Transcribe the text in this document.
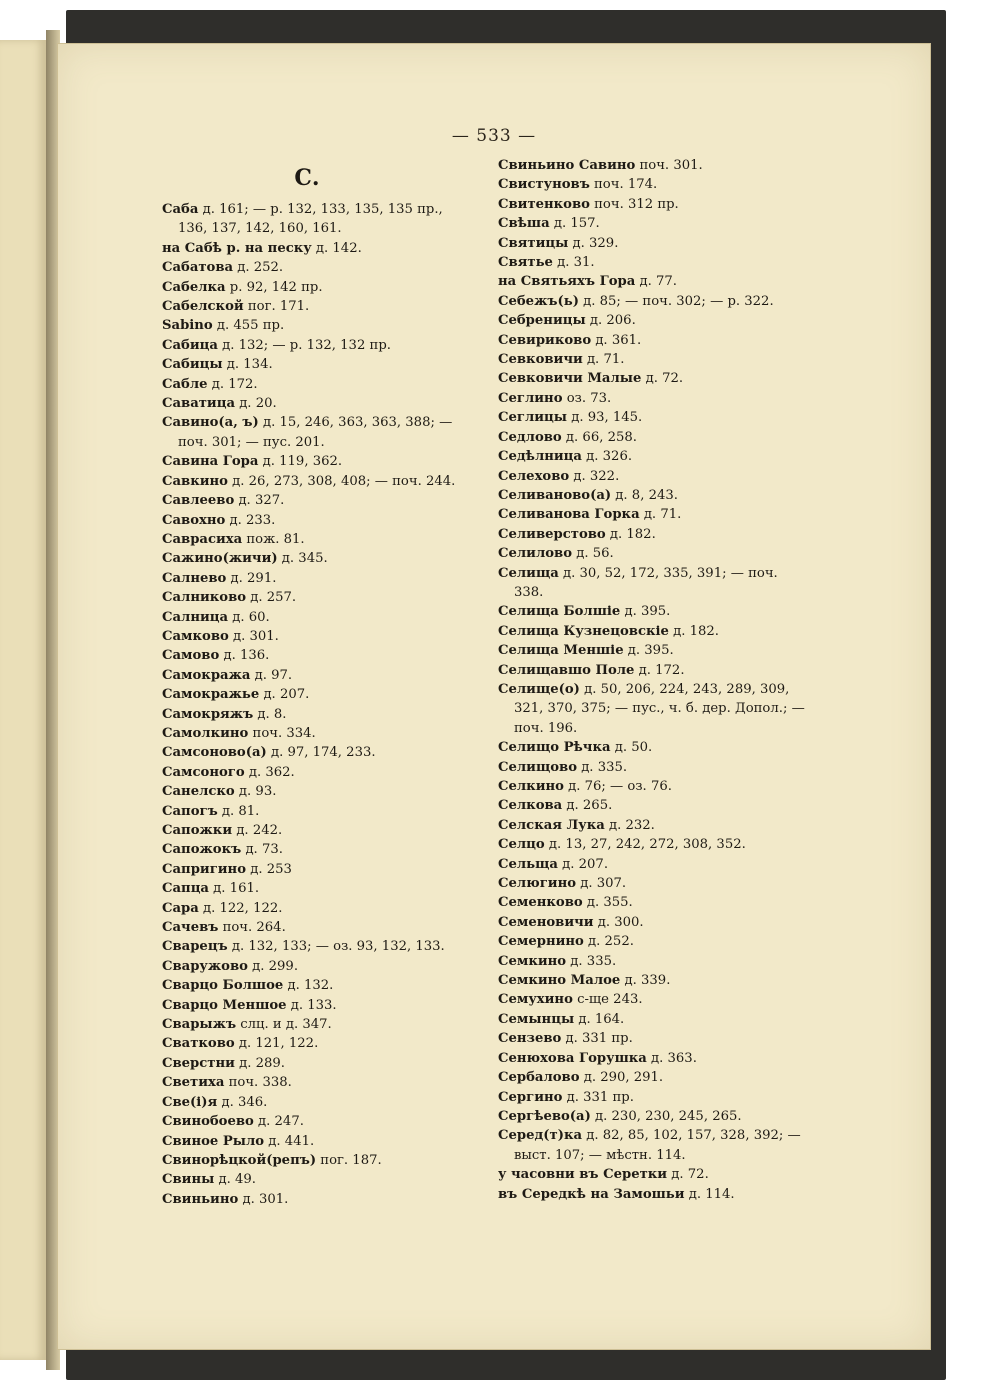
— 533 —
С.
Саба д. 161; — р. 132, 133, 135, 135 пр.,
136, 137, 142, 160, 161.
на Сабѣ р. на песку д. 142.
Сабатова д. 252.
Сабелка р. 92, 142 пр.
Сабелской пог. 171.
Sabino д. 455 пр.
Сабица д. 132; — р. 132, 132 пр.
Сабицы д. 134.
Сабле д. 172.
Саватица д. 20.
Савино(а, ъ) д. 15, 246, 363, 363, 388; —
поч. 301; — пус. 201.
Савина Гора д. 119, 362.
Савкино д. 26, 273, 308, 408; — поч. 244.
Савлеево д. 327.
Савохно д. 233.
Саврасиха пож. 81.
Сажино(жичи) д. 345.
Салнево д. 291.
Салниково д. 257.
Салница д. 60.
Самково д. 301.
Самово д. 136.
Самокража д. 97.
Самокражье д. 207.
Самокряжъ д. 8.
Самолкино поч. 334.
Самсоново(а) д. 97, 174, 233.
Самсоного д. 362.
Санелско д. 93.
Сапогъ д. 81.
Сапожки д. 242.
Сапожокъ д. 73.
Сапригино д. 253
Сапца д. 161.
Сара д. 122, 122.
Сачевъ поч. 264.
Сварецъ д. 132, 133; — оз. 93, 132, 133.
Сваружово д. 299.
Сварцо Болшое д. 132.
Сварцо Меншое д. 133.
Сварыжъ слц. и д. 347.
Сватково д. 121, 122.
Сверстни д. 289.
Светиха поч. 338.
Све(і)я д. 346.
Свинобоево д. 247.
Свиное Рыло д. 441.
Свинорѣцкой(репъ) пог. 187.
Свины д. 49.
Свиньино д. 301.
Свиньино Савино поч. 301.
Свистуновъ поч. 174.
Свитенково поч. 312 пр.
Свѣша д. 157.
Святицы д. 329.
Святье д. 31.
на Святьяхъ Гора д. 77.
Себежъ(ь) д. 85; — поч. 302; — р. 322.
Себреницы д. 206.
Севириково д. 361.
Севковичи д. 71.
Севковичи Малые д. 72.
Сеглино оз. 73.
Сеглицы д. 93, 145.
Седлово д. 66, 258.
Седѣлница д. 326.
Селехово д. 322.
Селиваново(а) д. 8, 243.
Селиванова Горка д. 71.
Селиверстово д. 182.
Селилово д. 56.
Селища д. 30, 52, 172, 335, 391; — поч.
338.
Селища Болшіе д. 395.
Селища Кузнецовскіе д. 182.
Селища Меншіе д. 395.
Селищавшо Поле д. 172.
Селище(о) д. 50, 206, 224, 243, 289, 309,
321, 370, 375; — пус., ч. б. дер. Допол.; —
поч. 196.
Селищо Рѣчка д. 50.
Селищово д. 335.
Селкино д. 76; — оз. 76.
Селкова д. 265.
Селская Лука д. 232.
Селцо д. 13, 27, 242, 272, 308, 352.
Сельща д. 207.
Селюгино д. 307.
Семенково д. 355.
Семеновичи д. 300.
Семернино д. 252.
Семкино д. 335.
Семкино Малое д. 339.
Семухино с-ще 243.
Семынцы д. 164.
Сензево д. 331 пр.
Сенюхова Горушка д. 363.
Сербалово д. 290, 291.
Сергино д. 331 пр.
Сергѣево(а) д. 230, 230, 245, 265.
Серед(т)ка д. 82, 85, 102, 157, 328, 392; —
выст. 107; — мѣстн. 114.
у часовни въ Серетки д. 72.
въ Середкѣ на Замошьи д. 114.
